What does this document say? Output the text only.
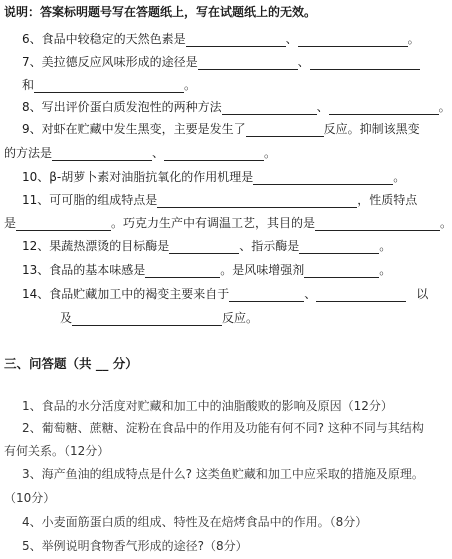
说明：答案标明题号写在答题纸上，写在试题纸上的无效。
6、食品中较稳定的天然色素是	、	。
7、美拉德反应风味形成的途径是	、
和	。
8、写出评价蛋白质发泡性的两种方法	、	。
9、对虾在贮藏中发生黑变，主要是发生了	反应。抑制该黑变
的方法是	、	。
10、β-胡萝卜素对油脂抗氧化的作用机理是	。
11、可可脂的组成特点是	，性质特点
是	。巧克力生产中有调温工艺，其目的是	。
12、果蔬热漂烫的目标酶是	、指示酶是	。
13、食品的基本味感是	。是风味增强剂	。
14、食品贮藏加工中的褐变主要来自于	、	以
及	反应。
三、问答题（共 __ 分）
1、食品的水分活度对贮藏和加工中的油脂酸败的影响及原因（12分）
2、葡萄糖、蔗糖、淀粉在食品中的作用及功能有何不同? 这种不同与其结构
有何关系。（12分）
3、海产鱼油的组成特点是什么? 这类鱼贮藏和加工中应采取的措施及原理。
（10分）
4、小麦面筋蛋白质的组成、特性及在焙烤食品中的作用。（8分）
5、举例说明食物香气形成的途径?（8分）
